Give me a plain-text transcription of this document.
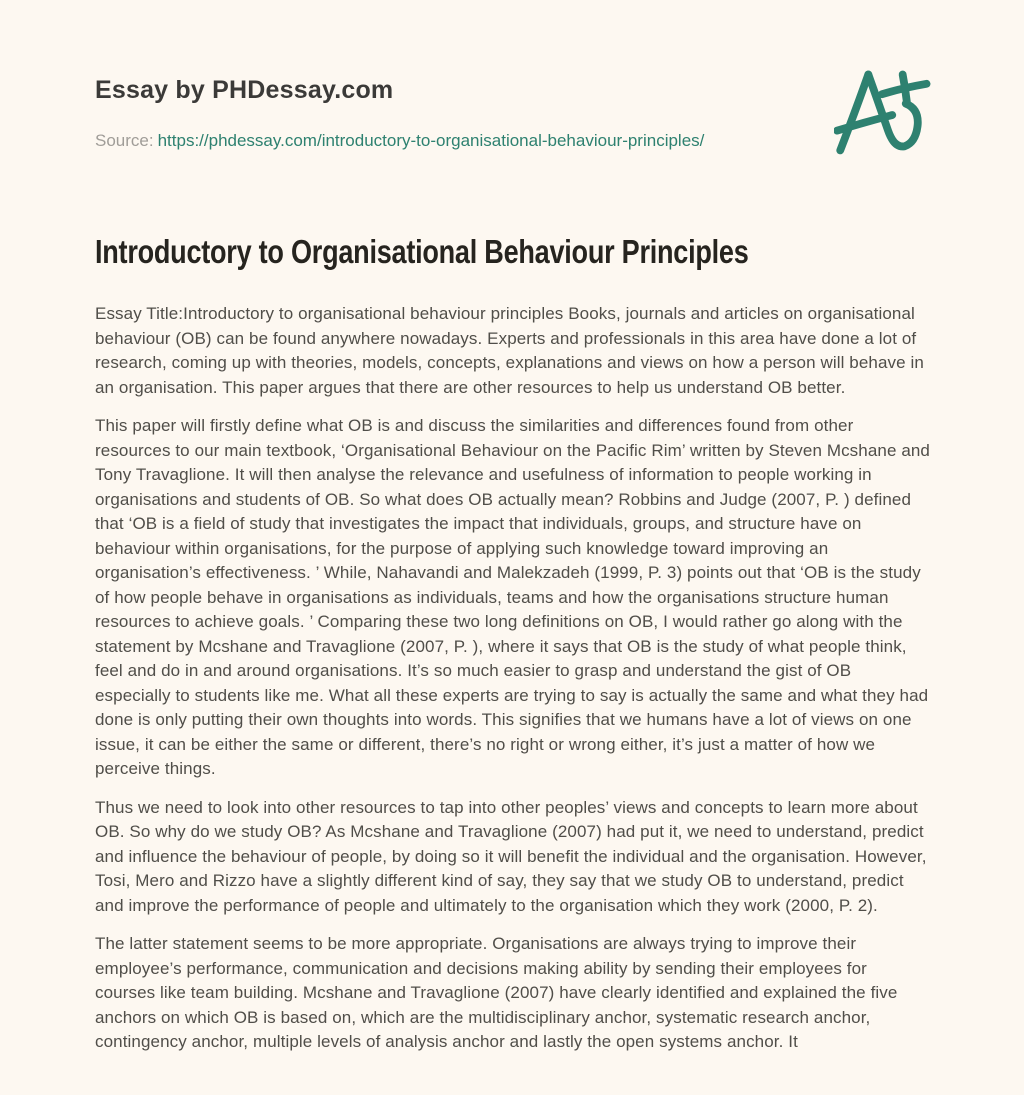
Essay by PHDessay.com
Source: https://phdessay.com/introductory-to-organisational-behaviour-principles/
Introductory to Organisational Behaviour Principles

Essay Title:Introductory to organisational behaviour principles Books, journals and articles on organisational behaviour (OB) can be found anywhere nowadays. Experts and professionals in this area have done a lot of research, coming up with theories, models, concepts, explanations and views on how a person will behave in an organisation. This paper argues that there are other resources to help us understand OB better.

This paper will firstly define what OB is and discuss the similarities and differences found from other resources to our main textbook, ‘Organisational Behaviour on the Pacific Rim’ written by Steven Mcshane and Tony Travaglione. It will then analyse the relevance and usefulness of information to people working in organisations and students of OB. So what does OB actually mean? Robbins and Judge (2007, P. ) defined that ‘OB is a field of study that investigates the impact that individuals, groups, and structure have on behaviour within organisations, for the purpose of applying such knowledge toward improving an organisation’s effectiveness. ’ While, Nahavandi and Malekzadeh (1999, P. 3) points out that ‘OB is the study of how people behave in organisations as individuals, teams and how the organisations structure human resources to achieve goals. ’ Comparing these two long definitions on OB, I would rather go along with the statement by Mcshane and Travaglione (2007, P. ), where it says that OB is the study of what people think, feel and do in and around organisations. It’s so much easier to grasp and understand the gist of OB especially to students like me. What all these experts are trying to say is actually the same and what they had done is only putting their own thoughts into words. This signifies that we humans have a lot of views on one issue, it can be either the same or different, there’s no right or wrong either, it’s just a matter of how we perceive things.

Thus we need to look into other resources to tap into other peoples’ views and concepts to learn more about OB. So why do we study OB? As Mcshane and Travaglione (2007) had put it, we need to understand, predict and influence the behaviour of people, by doing so it will benefit the individual and the organisation. However, Tosi, Mero and Rizzo have a slightly different kind of say, they say that we study OB to understand, predict and improve the performance of people and ultimately to the organisation which they work (2000, P. 2).

The latter statement seems to be more appropriate. Organisations are always trying to improve their employee’s performance, communication and decisions making ability by sending their employees for courses like team building. Mcshane and Travaglione (2007) have clearly identified and explained the five anchors on which OB is based on, which are the multidisciplinary anchor, systematic research anchor, contingency anchor, multiple levels of analysis anchor and lastly the open systems anchor. It
